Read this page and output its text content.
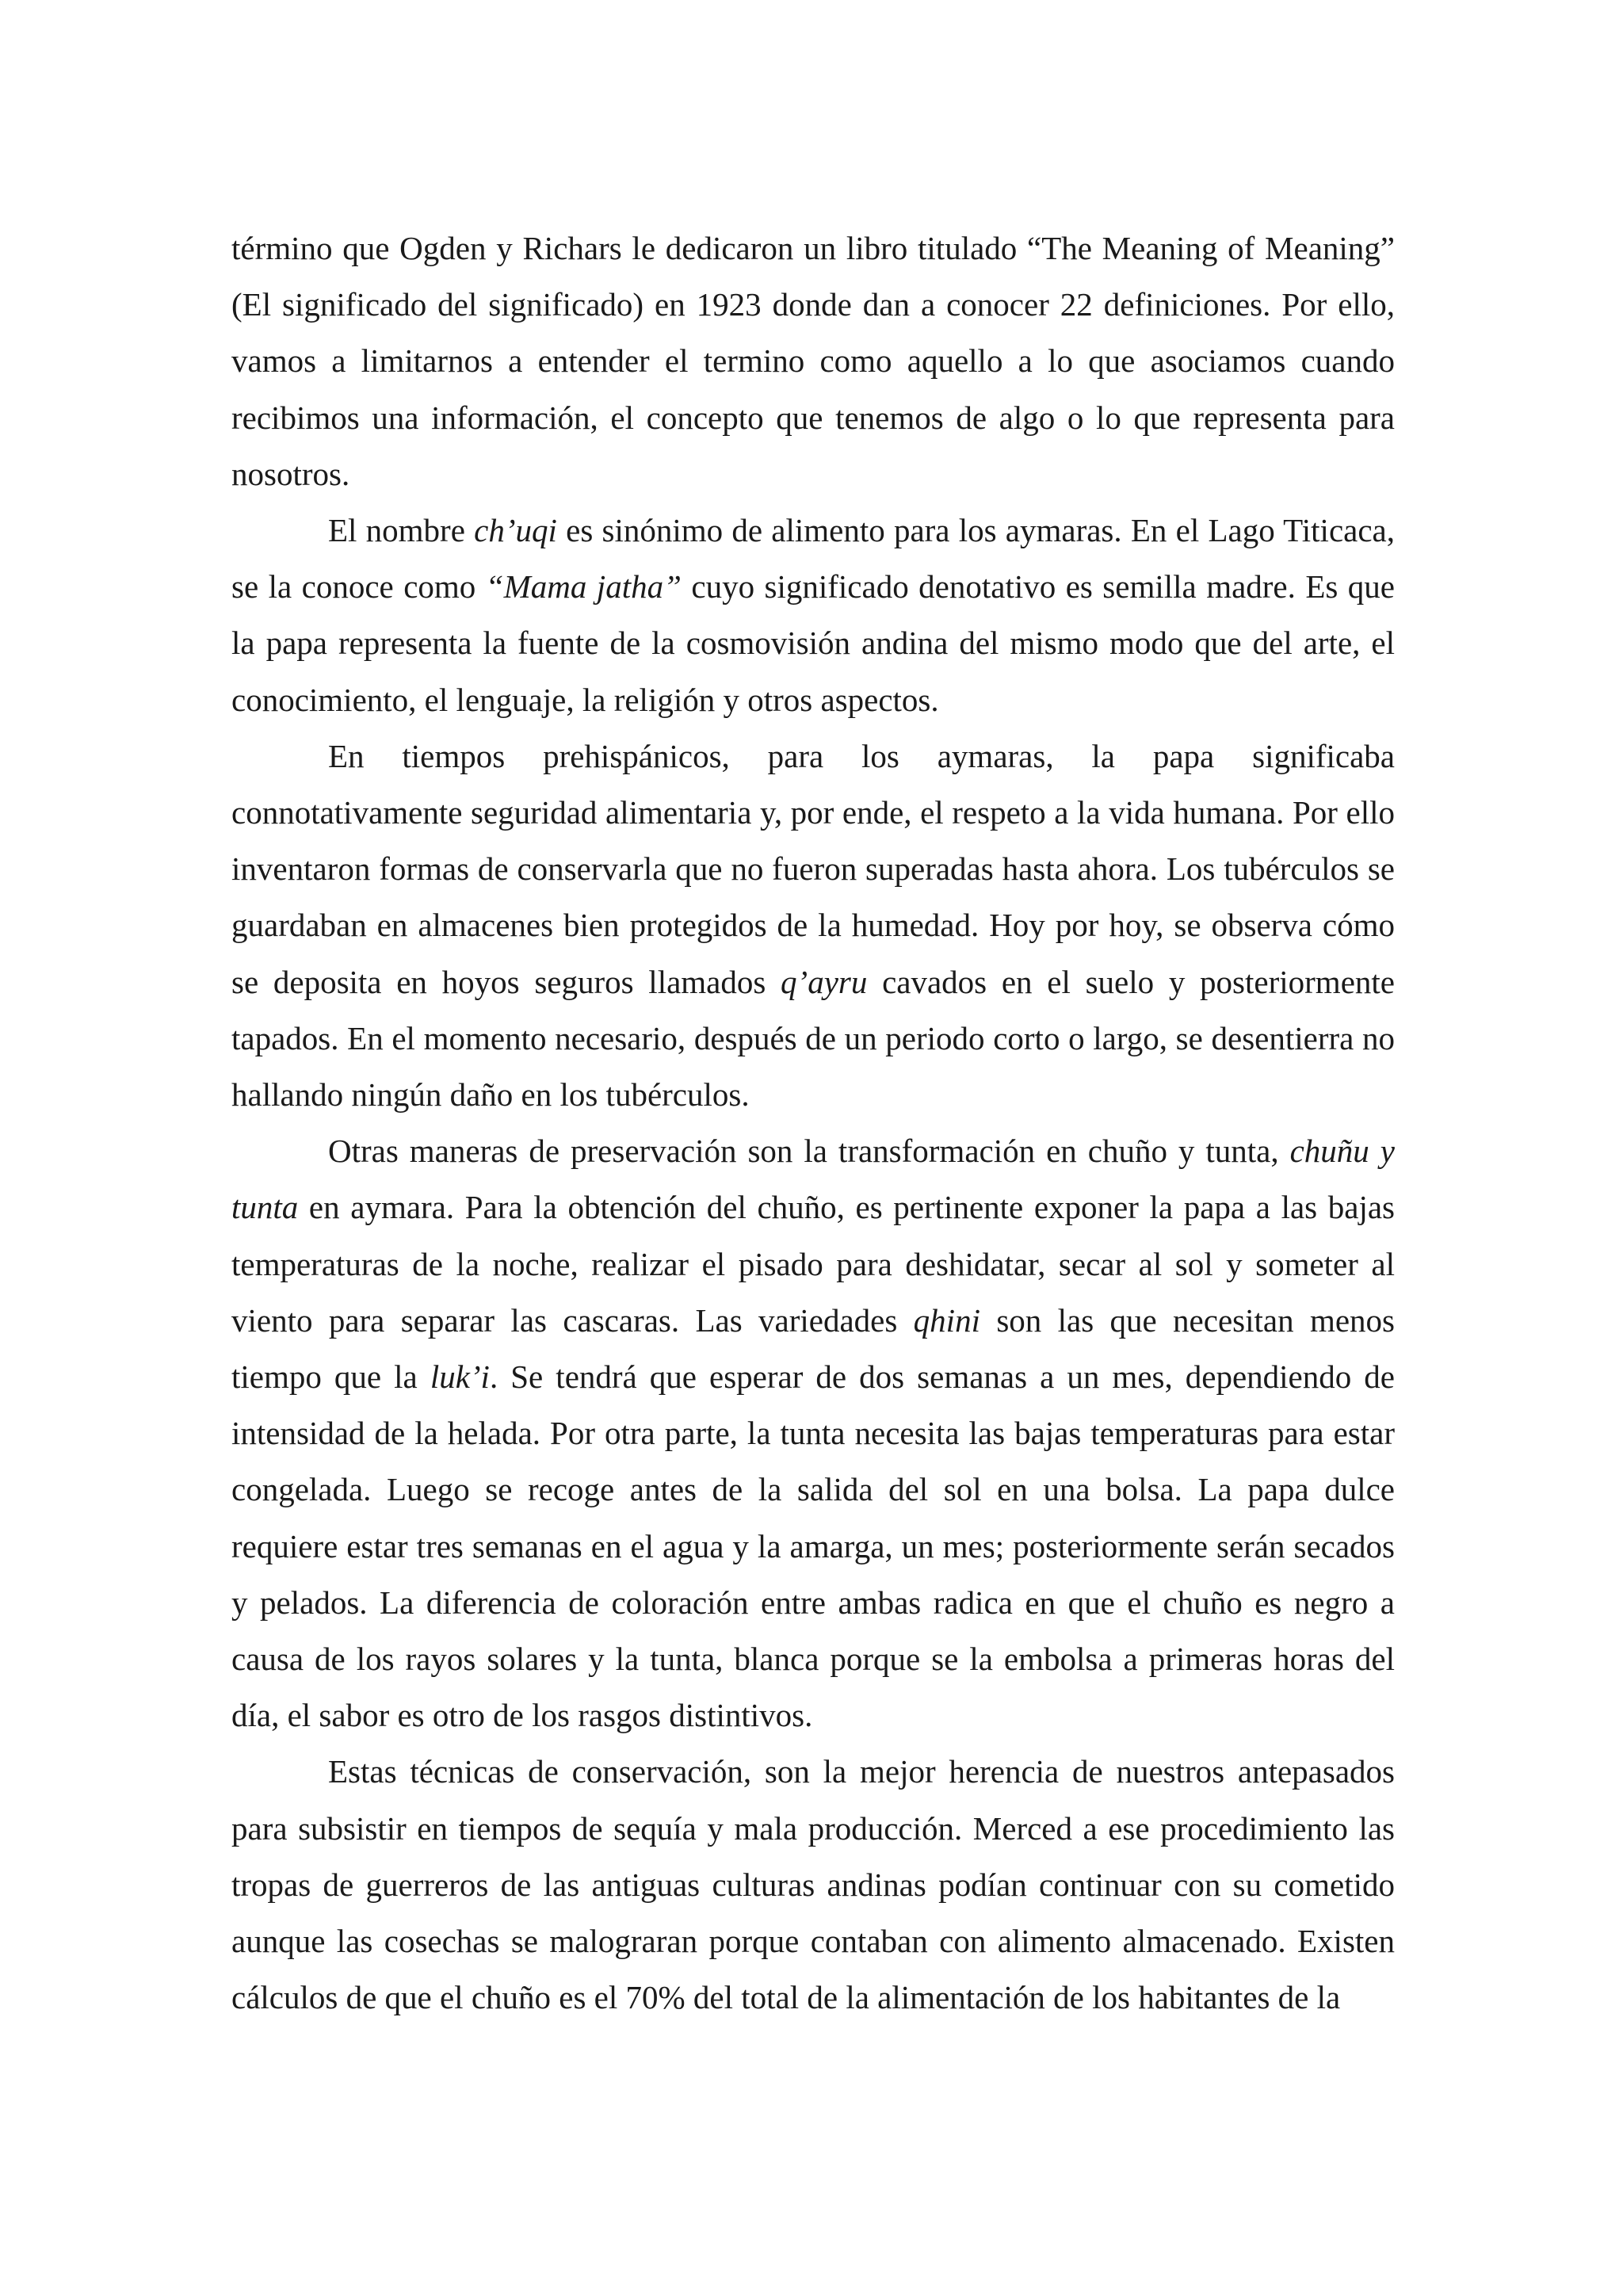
término que Ogden y Richars le dedicaron un libro titulado “The Meaning of Meaning” (El significado del significado) en 1923 donde dan a conocer 22 definiciones. Por ello, vamos a limitarnos a entender el termino como aquello a lo que asociamos cuando recibimos una información, el concepto que tenemos de algo o lo que representa para nosotros.

El nombre ch’uqi es sinónimo de alimento para los aymaras. En el Lago Titicaca, se la conoce como “Mama jatha” cuyo significado denotativo es semilla madre. Es que la papa representa la fuente de la cosmovisión andina del mismo modo que del arte, el conocimiento, el lenguaje, la religión y otros aspectos.

En tiempos prehispánicos, para los aymaras, la papa significaba connotativamente seguridad alimentaria y, por ende, el respeto a la vida humana. Por ello inventaron formas de conservarla que no fueron superadas hasta ahora. Los tubérculos se guardaban en almacenes bien protegidos de la humedad. Hoy por hoy, se observa cómo se deposita en hoyos seguros llamados q’ayru cavados en el suelo y posteriormente tapados. En el momento necesario, después de un periodo corto o largo, se desentierra no hallando ningún daño en los tubérculos.

Otras maneras de preservación son la transformación en chuño y tunta, chuñu y tunta en aymara. Para la obtención del chuño, es pertinente exponer la papa a las bajas temperaturas de la noche, realizar el pisado para deshidatar, secar al sol y someter al viento para separar las cascaras. Las variedades qhini son las que necesitan menos tiempo que la luk’i. Se tendrá que esperar de dos semanas a un mes, dependiendo de intensidad de la helada. Por otra parte, la tunta necesita las bajas temperaturas para estar congelada. Luego se recoge antes de la salida del sol en una bolsa. La papa dulce requiere estar tres semanas en el agua y la amarga, un mes; posteriormente serán secados y pelados. La diferencia de coloración entre ambas radica en que el chuño es negro a causa de los rayos solares y la tunta, blanca porque se la embolsa a primeras horas del día, el sabor es otro de los rasgos distintivos.

Estas técnicas de conservación, son la mejor herencia de nuestros antepasados para subsistir en tiempos de sequía y mala producción. Merced a ese procedimiento las tropas de guerreros de las antiguas culturas andinas podían continuar con su cometido aunque las cosechas se malograran porque contaban con alimento almacenado. Existen cálculos de que el chuño es el 70% del total de la alimentación de los habitantes de la
